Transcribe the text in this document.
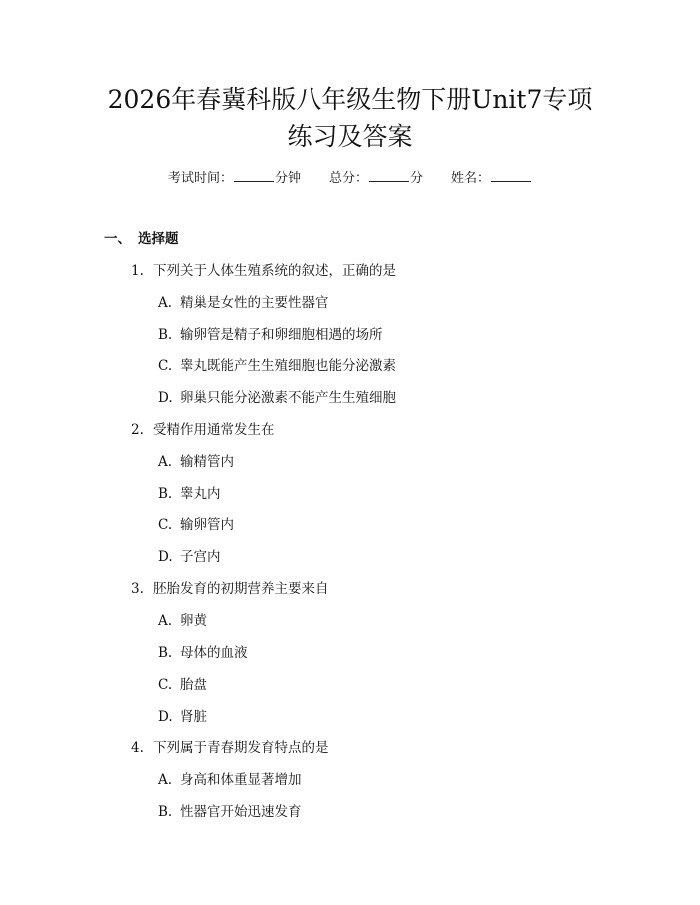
2026年春冀科版八年级生物下册Unit7专项
练习及答案
考试时间：	分钟 总分：	分 姓名：
一、 选择题
1. 下列关于人体生殖系统的叙述，正确的是
A. 精巢是女性的主要性器官
B. 输卵管是精子和卵细胞相遇的场所
C. 睾丸既能产生生殖细胞也能分泌激素
D. 卵巢只能分泌激素不能产生生殖细胞
2. 受精作用通常发生在
A. 输精管内
B. 睾丸内
C. 输卵管内
D. 子宫内
3. 胚胎发育的初期营养主要来自
A. 卵黄
B. 母体的血液
C. 胎盘
D. 肾脏
4. 下列属于青春期发育特点的是
A. 身高和体重显著增加
B. 性器官开始迅速发育
